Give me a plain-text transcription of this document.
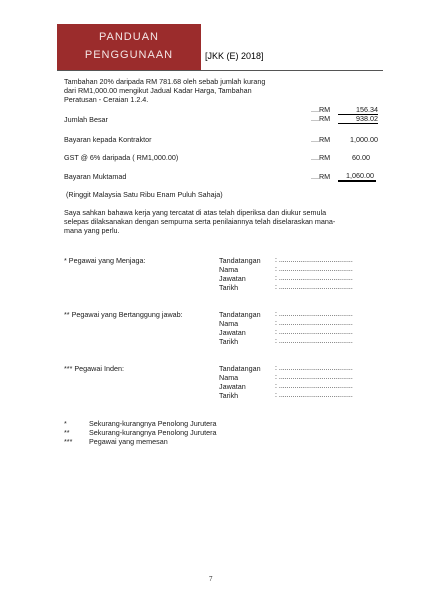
PANDUAN
PENGGUNAAN	[JKK (E) 2018]
Tambahan 20% daripada RM 781.68 oleh sebab jumlah kurang
dari RM1,000.00 mengikut Jadual Kadar Harga, Tambahan
Peratusan - Ceraian 1.2.4.
....RM	156.34
Jumlah Besar	....RM	938.02
Bayaran kepada Kontraktor	....RM	1,000.00
GST @ 6% daripada ( RM1,000.00)	....RM	60.00
Bayaran Muktamad	....RM	1,060.00
(Ringgit Malaysia Satu Ribu Enam Puluh Sahaja)
Saya sahkan bahawa kerja yang tercatat di atas telah diperiksa dan diukur semula
selepas dilaksanakan dengan sempurna serta penilaiannya telah diselaraskan mana-
mana yang perlu.
* Pegawai yang Menjaga:	Tandatangan : ......................................
Nama	: ......................................
Jawatan	: ......................................
Tarikh	: ......................................
** Pegawai yang Bertanggung jawab:	Tandatangan : ......................................
Nama	: ......................................
Jawatan	: ......................................
Tarikh	: ......................................
*** Pegawai Inden:	Tandatangan : ......................................
Nama	: ......................................
Jawatan	: ......................................
Tarikh	: ......................................
*	Sekurang-kurangnya Penolong Jurutera
**	Sekurang-kurangnya Penolong Jurutera
*** Pegawai yang memesan
7
